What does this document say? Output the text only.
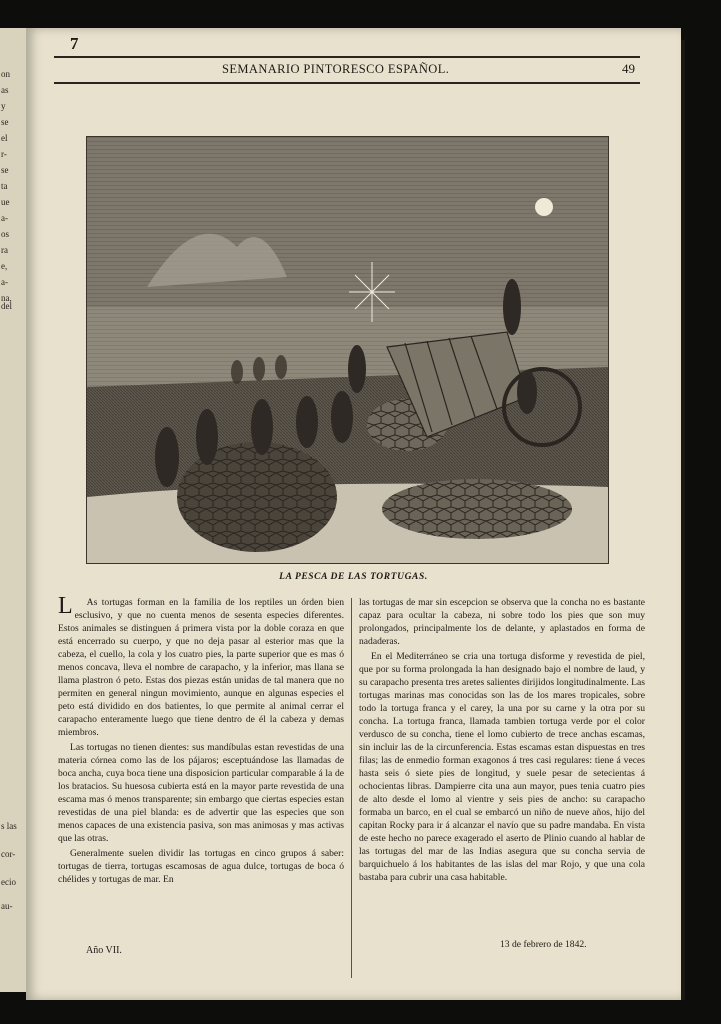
on
as
y
se
el
r-
se
ta
ue
a-
os
ra
e,
a-
na,
del
s las
cor-
ecio
au-
7
SEMANARIO PINTORESCO ESPAÑOL.	49
LA PESCA DE LAS TORTUGAS.

L As tortugas forman en la familia de los reptiles un órden bien esclusivo, y que no cuenta menos de sesenta especies diferentes. Estos animales se distinguen á primera vista por la doble coraza en que está encerrado su cuerpo, y que no deja pasar al esterior mas que la cabeza, el cuello, la cola y los cuatro pies, la parte superior que es mas ó menos concava, lleva el nombre de carapacho, y la inferior, mas llana se llama plastron ó peto. Estas dos piezas están unidas de tal manera que no permiten en general ningun movimiento, aunque en algunas especies el peto está dividido en dos batientes, lo que permite al animal cerrar el carapacho enteramente luego que tiene dentro de él la cabeza y demas miembros.

Las tortugas no tienen dientes: sus mandíbulas estan revestidas de una materia córnea como las de los pájaros; esceptuándose las llamadas de boca ancha, cuya boca tiene una disposicion particular comparable á la de los bratacios. Su huesosa cubierta está en la mayor parte revestida de una escama mas ó menos transparente; sin embargo que ciertas especies estan revestidas de una piel blanda: es de advertir que las especies que son menos capaces de una existencia pasiva, son mas animosas y mas activas que las otras.

Generalmente suelen dividir las tortugas en cinco grupos á saber: tortugas de tierra, tortugas escamosas de agua dulce, tortugas de boca ó chélides y tortugas de mar. En

las tortugas de mar sin escepcion se observa que la concha no es bastante capaz para ocultar la cabeza, ni sobre todo los pies que son muy prolongados, principalmente los de delante, y aplastados en forma de nadaderas.

En el Mediterráneo se cria una tortuga disforme y revestida de piel, que por su forma prolongada la han designado bajo el nombre de laud, y su carapacho presenta tres aretes salientes dirijidos longitudinalmente. Las tortugas marinas mas conocidas son las de los mares tropicales, sobre todo la tortuga franca y el carey, la una por su carne y la otra por su concha. La tortuga franca, llamada tambien tortuga verde por el color verdusco de su concha, tiene el lomo cubierto de trece anchas escamas, sin incluir las de la circunferencia. Estas escamas estan dispuestas en tres filas; las de enmedio forman exagonos á tres casi regulares: tiene á veces hasta seis ó siete pies de longitud, y suele pesar de setecientas á ochocientas libras. Dampierre cita una aun mayor, pues tenia cuatro pies de alto desde el lomo al vientre y seis pies de ancho: su carapacho formaba un barco, en el cual se embarcó un niño de nueve años, hijo del capitan Rocky para ir á alcanzar el navío que su padre mandaba. En vista de este hecho no parece exagerado el aserto de Plinio cuando al hablar de las tortugas del mar de las Indias asegura que su concha servia de barquichuelo á los habitantes de las islas del mar Rojo, y que una cola bastaba para cubrir una casa habitable.

Año VII.
13 de febrero de 1842.
